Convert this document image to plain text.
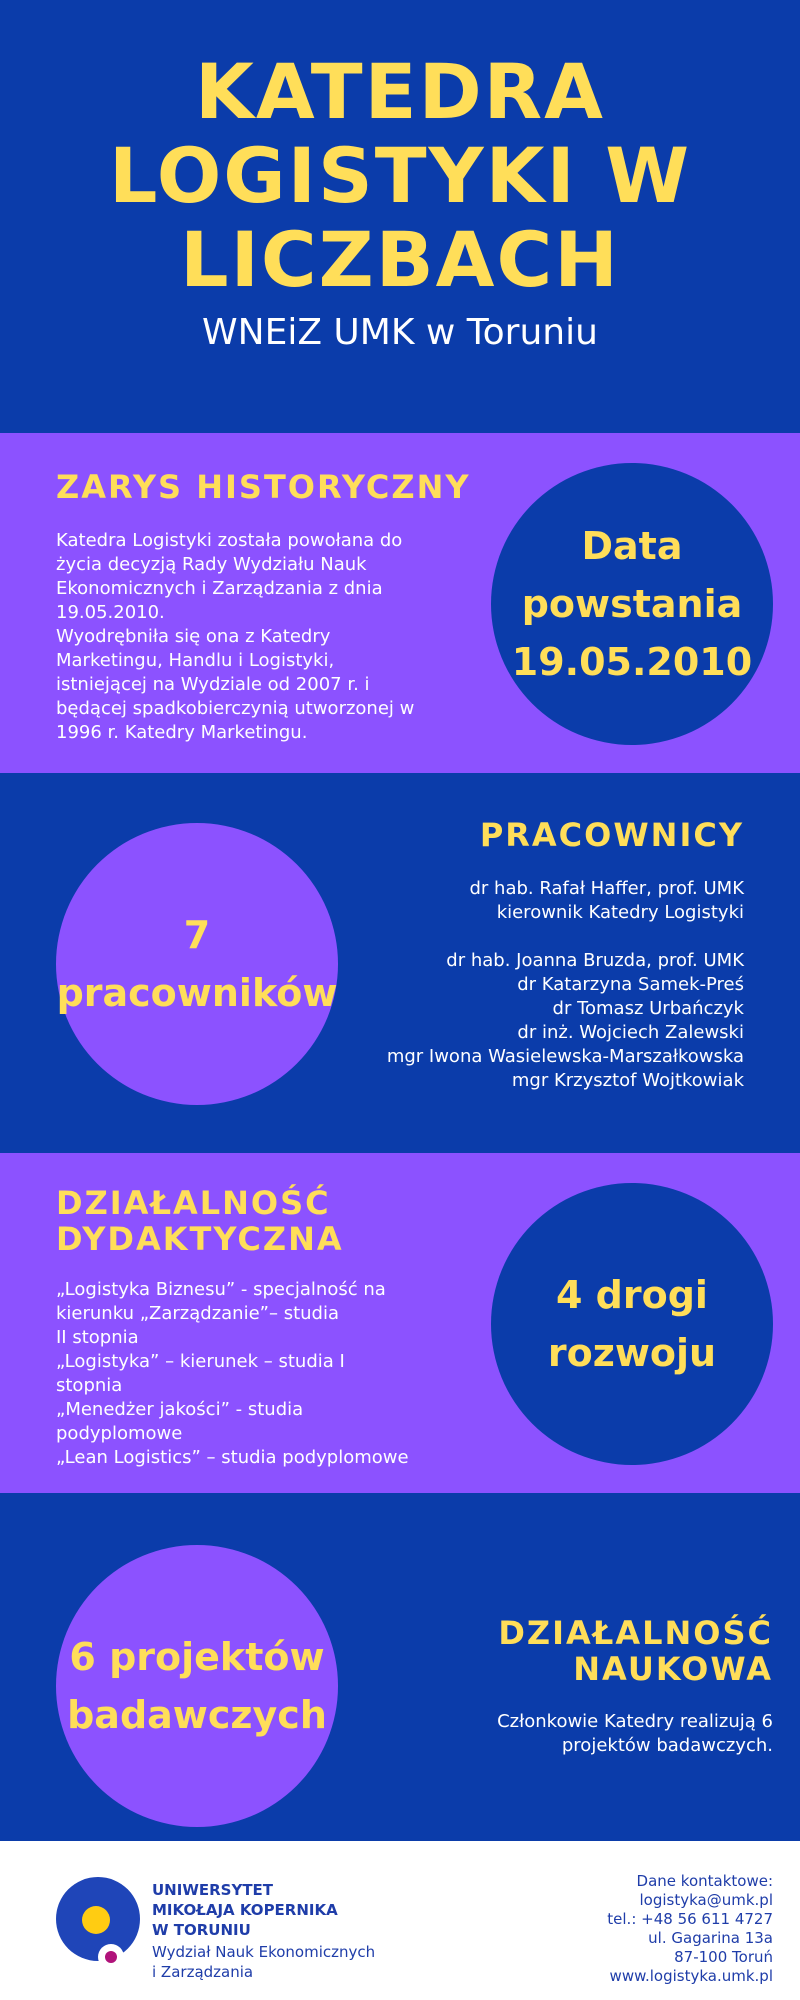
KATEDRA
LOGISTYKI W
LICZBACH
WNEiZ UMK w Toruniu
ZARYS HISTORYCZNY
Katedra Logistyki została powołana do
życia decyzją Rady Wydziału Nauk
Ekonomicznych i Zarządzania z dnia
19.05.2010.
Wyodrębniła się ona z Katedry
Marketingu, Handlu i Logistyki,
istniejącej na Wydziale od 2007 r. i
będącej spadkobierczynią utworzonej w
1996 r. Katedry Marketingu.
Data
powstania
19.05.2010
7
pracowników
PRACOWNICY
dr hab. Rafał Haffer, prof. UMK
kierownik Katedry Logistyki
dr hab. Joanna Bruzda, prof. UMK
dr Katarzyna Samek-Preś
dr Tomasz Urbańczyk
dr inż. Wojciech Zalewski
mgr Iwona Wasielewska-Marszałkowska
mgr Krzysztof Wojtkowiak
DZIAŁALNOŚĆ
DYDAKTYCZNA
„Logistyka Biznesu” - specjalność na
kierunku „Zarządzanie”– studia
II stopnia
„Logistyka” – kierunek – studia I
stopnia
„Menedżer jakości” - studia
podyplomowe
„Lean Logistics” – studia podyplomowe
4 drogi
rozwoju
6 projektów
badawczych
DZIAŁALNOŚĆ
NAUKOWA
Członkowie Katedry realizują 6
projektów badawczych.
UNIWERSYTET
MIKOŁAJA KOPERNIKA
W TORUNIU
Wydział Nauk Ekonomicznych
i Zarządzania
Dane kontaktowe:
logistyka@umk.pl
tel.: +48 56 611 4727
ul. Gagarina 13a
87-100 Toruń
www.logistyka.umk.pl
